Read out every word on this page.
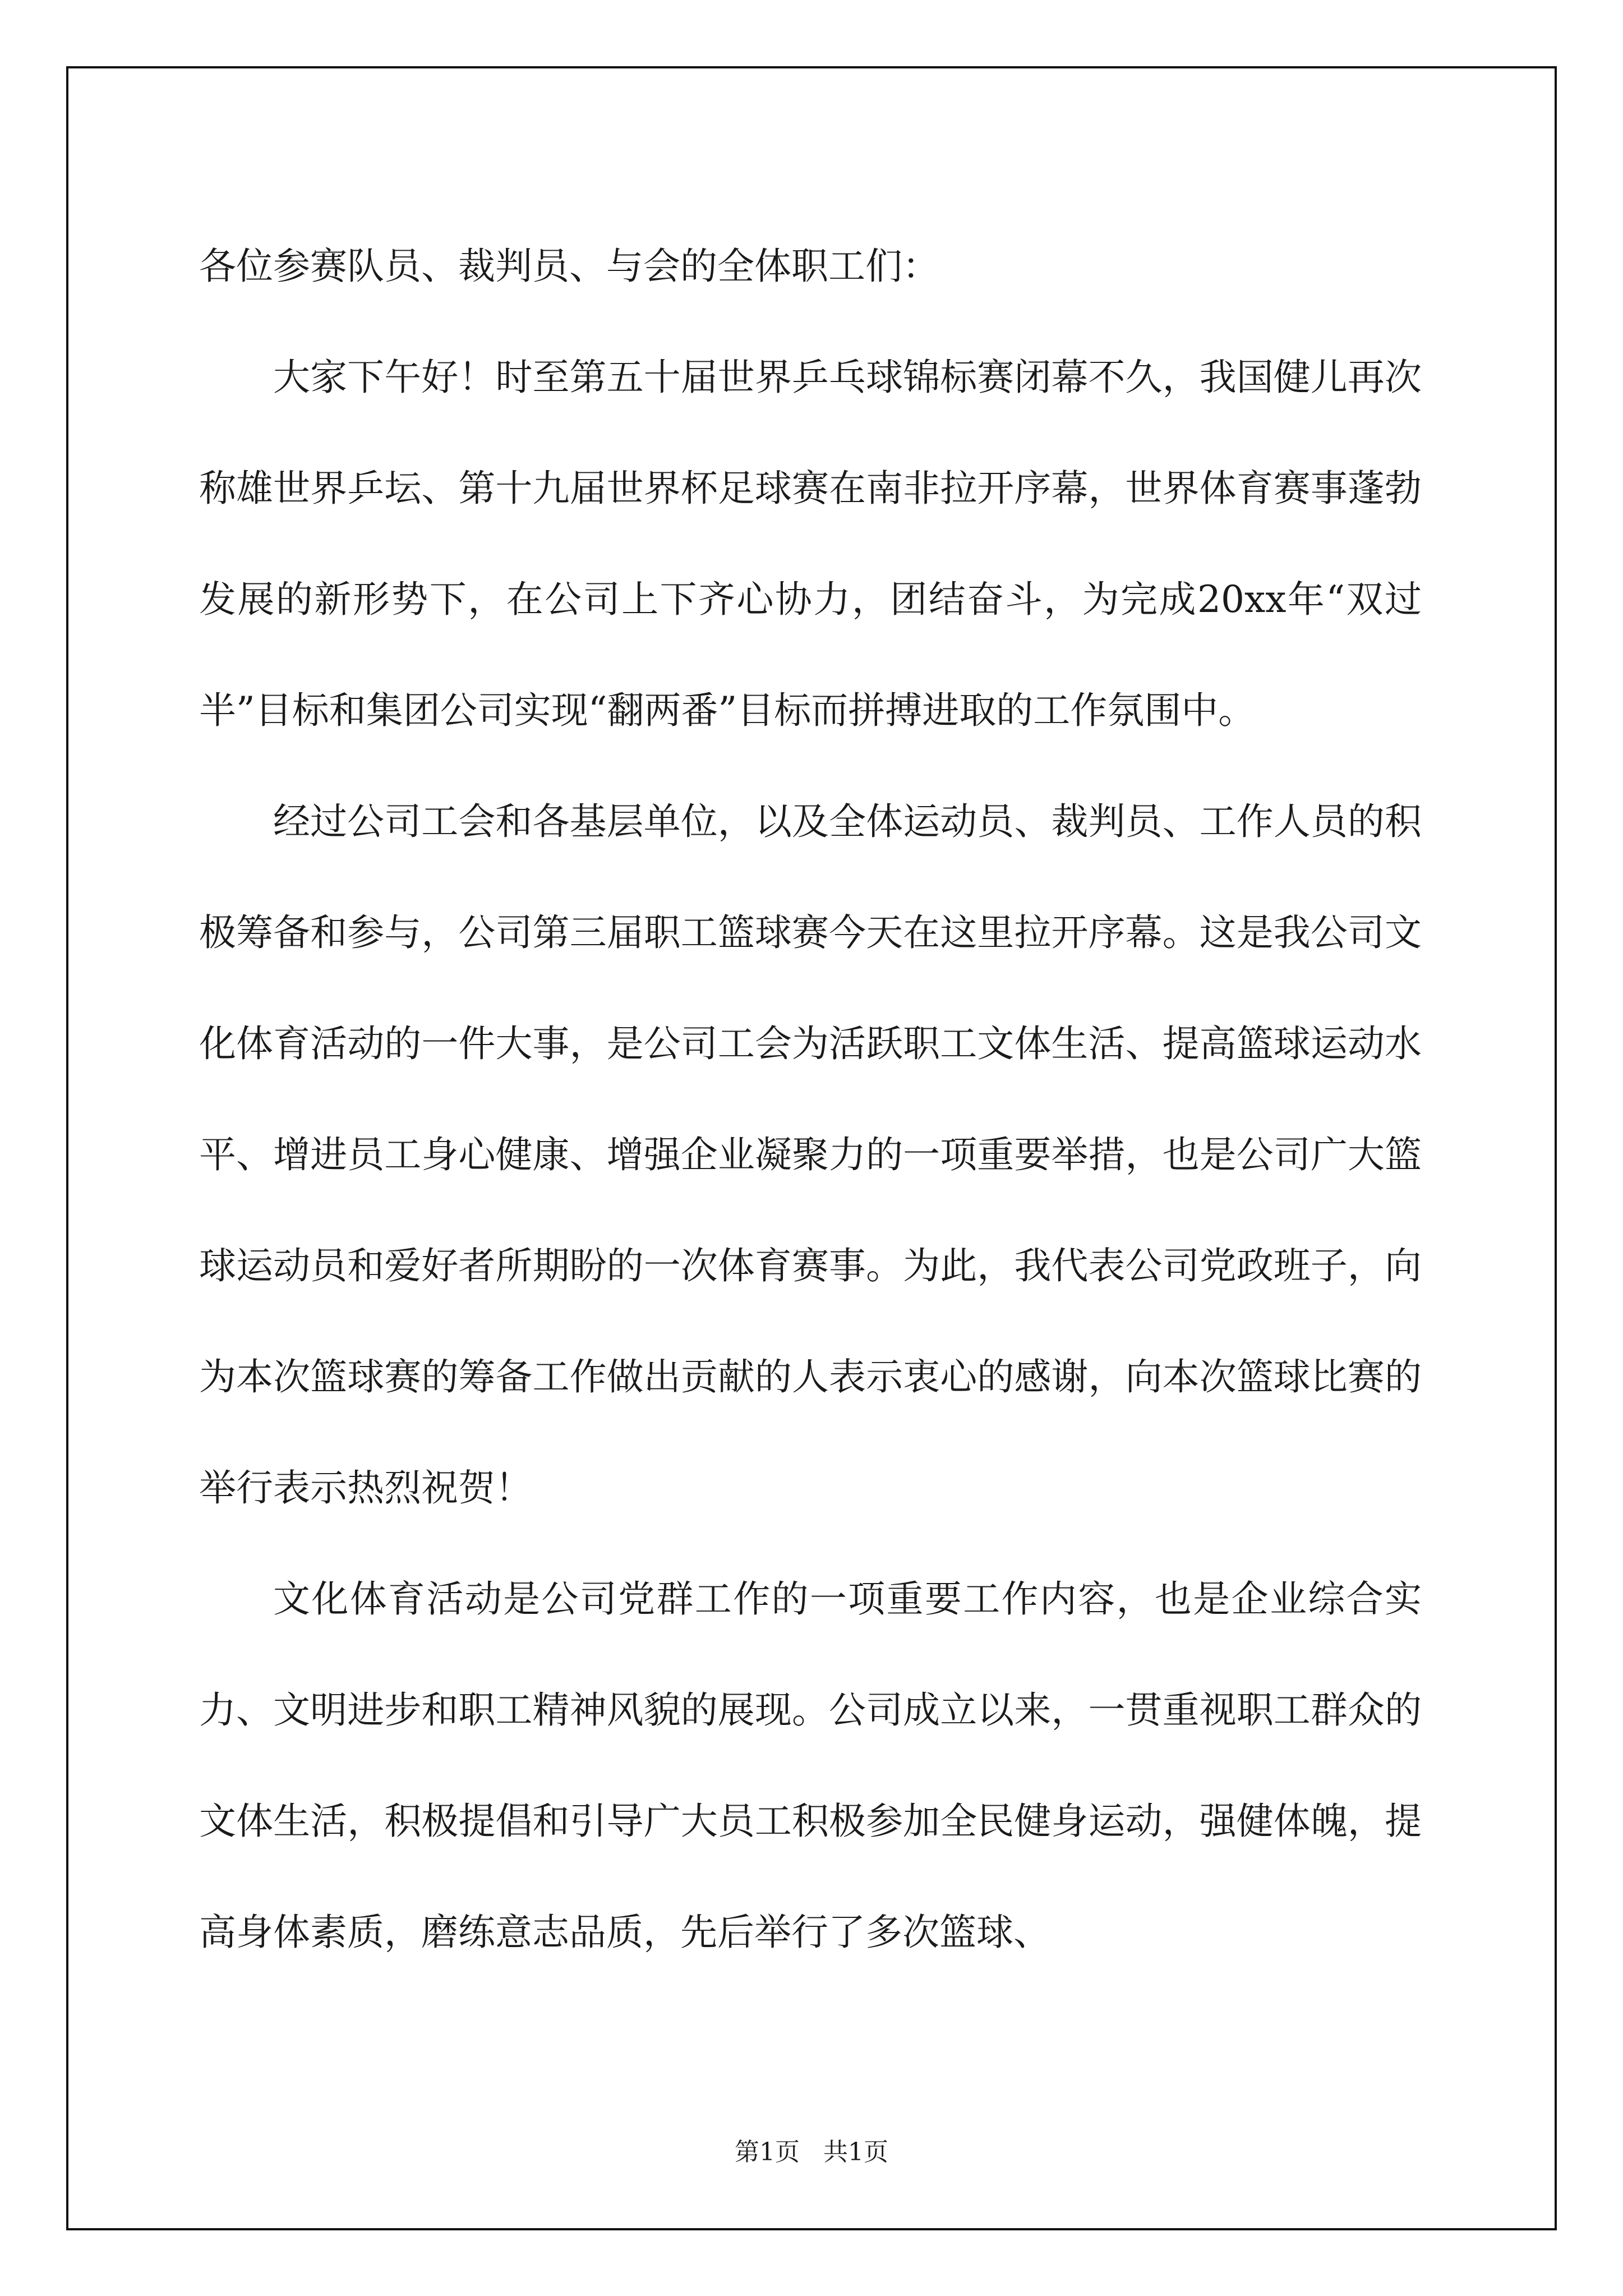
各位参赛队员、裁判员、与会的全体职工们：

大家下午好！时至第五十届世界乒乓球锦标赛闭幕不久，我国健儿再次称雄世界乒坛、第十九届世界杯足球赛在南非拉开序幕，世界体育赛事蓬勃发展的新形势下，在公司上下齐心协力，团结奋斗，为完成20xx年“双过半”目标和集团公司实现“翻两番”目标而拼搏进取的工作氛围中。

经过公司工会和各基层单位，以及全体运动员、裁判员、工作人员的积极筹备和参与，公司第三届职工篮球赛今天在这里拉开序幕。这是我公司文化体育活动的一件大事，是公司工会为活跃职工文体生活、提高篮球运动水平、增进员工身心健康、增强企业凝聚力的一项重要举措，也是公司广大篮球运动员和爱好者所期盼的一次体育赛事。为此，我代表公司党政班子，向为本次篮球赛的筹备工作做出贡献的人表示衷心的感谢，向本次篮球比赛的举行表示热烈祝贺！

文化体育活动是公司党群工作的一项重要工作内容，也是企业综合实力、文明进步和职工精神风貌的展现。公司成立以来，一贯重视职工群众的文体生活，积极提倡和引导广大员工积极参加全民健身运动，强健体魄，提高身体素质，磨练意志品质，先后举行了多次篮球、

第1页   共1页
